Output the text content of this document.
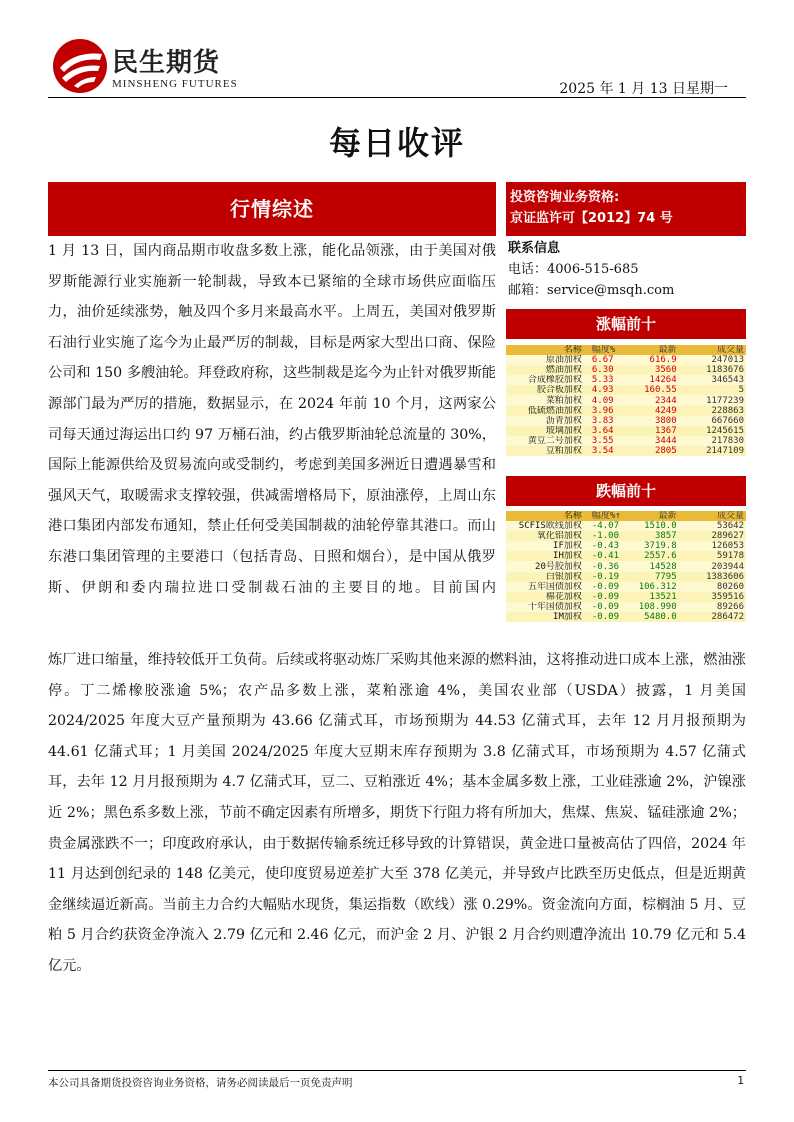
民生期货
MINSHENG FUTURES	2025 年 1 月 13 日星期一
每日收评
行情综述	投资咨询业务资格:
京证监许可【2012】74 号
联系信息
电话：4006-515-685
邮箱：service@msqh.com
涨幅前十
名称	幅度%	最新	成交量
原油加权	6.67	616.9	247013
燃油加权	6.30	3560	1183676
合成橡胶加权	5.33	14264	346543
胶合板加权	4.93	160.55	5
菜粕加权	4.09	2344	1177239
低硫燃油加权	3.96	4249	228863
沥青加权	3.83	3800	667660
玻璃加权	3.64	1367	1245615
黄豆二号加权	3.55	3444	217830
豆粕加权	3.54	2805	2147109
跌幅前十
名称	幅度%↑	最新	成交量
SCFIS欧线加权	-4.07	1510.0	53642
氧化铝加权	-1.00	3857	289627
IF加权	-0.43	3719.8	126053
IH加权	-0.41	2557.6	59178
20号胶加权	-0.36	14528	203944
白银加权	-0.19	7795	1383606
五年国债加权	-0.09	106.312	80260
棉花加权	-0.09	13521	359516
十年国债加权	-0.09	108.990	89266
IM加权	-0.09	5480.0	286472
1 月 13 日，国内商品期市收盘多数上涨，能化品领涨，由于美国对俄罗斯能源行业实施新一轮制裁，导致本已紧缩的全球市场供应面临压力，油价延续涨势，触及四个多月来最高水平。上周五，美国对俄罗斯石油行业实施了迄今为止最严厉的制裁，目标是两家大型出口商、保险公司和 150 多艘油轮。拜登政府称，这些制裁是迄今为止针对俄罗斯能源部门最为严厉的措施，数据显示，在 2024 年前 10 个月，这两家公司每天通过海运出口约 97 万桶石油，约占俄罗斯油轮总流量的 30%，国际上能源供给及贸易流向或受制约，考虑到美国多洲近日遭遇暴雪和强风天气，取暖需求支撑较强，供减需增格局下，原油涨停，上周山东港口集团内部发布通知，禁止任何受美国制裁的油轮停靠其港口。而山东港口集团管理的主要港口（包括青岛、日照和烟台），是中国从俄罗斯、伊朗和委内瑞拉进口受制裁石油的主要目的地。目前国内
炼厂进口缩量，维持较低开工负荷。后续或将驱动炼厂采购其他来源的燃料油，这将推动进口成本上涨，燃油涨停。丁二烯橡胶涨逾 5%；农产品多数上涨，菜粕涨逾 4%，美国农业部（USDA）披露，1 月美国 2024/2025 年度大豆产量预期为 43.66 亿蒲式耳，市场预期为 44.53 亿蒲式耳，去年 12 月月报预期为 44.61 亿蒲式耳；1 月美国 2024/2025 年度大豆期末库存预期为 3.8 亿蒲式耳，市场预期为 4.57 亿蒲式耳，去年 12 月月报预期为 4.7 亿蒲式耳，豆二、豆粕涨近 4%；基本金属多数上涨，工业硅涨逾 2%，沪镍涨近 2%；黑色系多数上涨，节前不确定因素有所增多，期货下行阻力将有所加大，焦煤、焦炭、锰硅涨逾 2%；贵金属涨跌不一；印度政府承认，由于数据传输系统迁移导致的计算错误，黄金进口量被高估了四倍，2024 年 11 月达到创纪录的 148 亿美元，使印度贸易逆差扩大至 378 亿美元，并导致卢比跌至历史低点，但是近期黄金继续逼近新高。当前主力合约大幅贴水现货，集运指数（欧线）涨 0.29%。资金流向方面，棕榈油 5 月、豆粕 5 月合约获资金净流入 2.79 亿元和 2.46 亿元，而沪金 2 月、沪银 2 月合约则遭净流出 10.79 亿元和 5.4 亿元。
本公司具备期货投资咨询业务资格，请务必阅读最后一页免责声明	1
